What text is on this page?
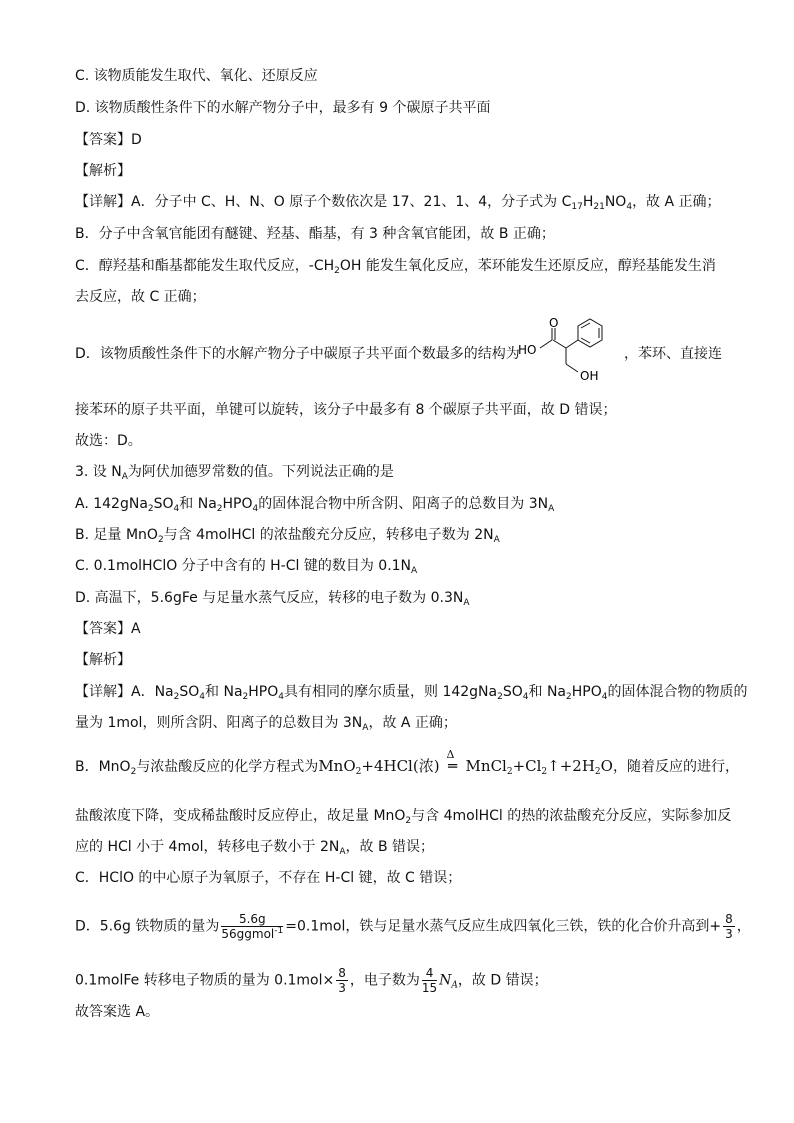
C. 该物质能发生取代、氧化、还原反应
D. 该物质酸性条件下的水解产物分子中，最多有 9 个碳原子共平面
【答案】D
【解析】
【详解】A．分子中 C、H、N、O 原子个数依次是 17、21、1、4，分子式为 $C_{17}H_{21}NO_4$，故 A 正确；
B．分子中含氧官能团有醚键、羟基、酯基，有 3 种含氧官能团，故 B 正确；
C．醇羟基和酯基都能发生取代反应，$-CH_2OH$ 能发生氧化反应，苯环能发生还原反应，醇羟基能发生消
去反应，故 C 正确；
D．该物质酸性条件下的水解产物分子中碳原子共平面个数最多的结构为
HO
O
OH
，苯环、直接连
接苯环的原子共平面，单键可以旋转，该分子中最多有 8 个碳原子共平面，故 D 错误；
故选：D。
3. 设 $N_A$为阿伏加德罗常数的值。下列说法正确的是
A. $142gNa_2SO_4$和 $Na_2HPO_4$的固体混合物中所含阴、阳离子的总数目为 $3N_A$
B. 足量 MnO$_2$与含 4molHCl 的浓盐酸充分反应，转移电子数为 $2N_A$
C. 0.1molHClO 分子中含有的 H-Cl 键的数目为 $0.1N_A$
D. 高温下，5.6gFe 与足量水蒸气反应，转移的电子数为 $0.3N_A$
【答案】A
【解析】
【详解】A．$Na_2SO_4$和 $Na_2HPO_4$具有相同的摩尔质量，则 $142gNa_2SO_4$和 $Na_2HPO_4$的固体混合物的物质的
量为 1mol，则所含阴、阳离子的总数目为 $3N_A$，故 A 正确；
B．MnO$_2$与浓盐酸反应的化学方程式为MnO$_2$+4HCl(浓)
Δ
═ $MnCl_2+Cl_2↑+2H_2O$，随着反应的进行，
盐酸浓度下降，变成稀盐酸时反应停止，故足量 MnO$_2$与含 4molHCl 的热的浓盐酸充分反应，实际参加反
应的 HCl 小于 4mol，转移电子数小于 $2N_A$，故 B 错误；
C．HClO 的中心原子为氧原子，不存在 H-Cl 键，故 C 错误；
D．5.6g 铁物质的量为 $\frac{5.6g}{56ggmol^{-1}} =0.1mol$，铁与足量水蒸气反应生成四氧化三铁，铁的化合价升高到+ $\frac{8}{3}$ ，
0.1molFe 转移电子物质的量为 $0.1mol\times \frac{8}{3}$ ，电子数为 $\frac{4}{15} N_A$，故 D 错误；
故答案选 A。
